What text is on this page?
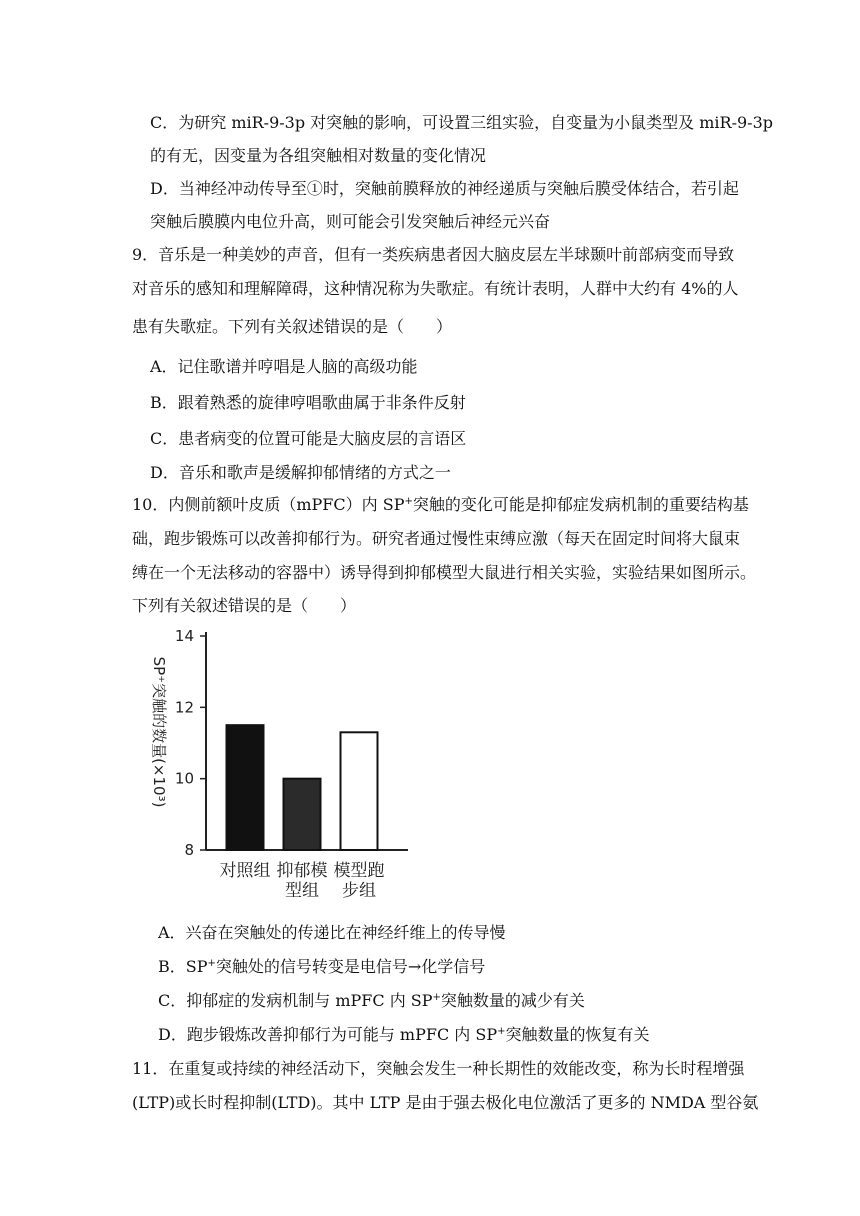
C．为研究 miR-9-3p 对突触的影响，可设置三组实验，自变量为小鼠类型及 miR-9-3p
的有无，因变量为各组突触相对数量的变化情况
D．当神经冲动传导至①时，突触前膜释放的神经递质与突触后膜受体结合，若引起
突触后膜膜内电位升高，则可能会引发突触后神经元兴奋
9．音乐是一种美妙的声音，但有一类疾病患者因大脑皮层左半球颞叶前部病变而导致
对音乐的感知和理解障碍，这种情况称为失歌症。有统计表明，人群中大约有 4%的人
患有失歌症。下列有关叙述错误的是（　　）
A．记住歌谱并哼唱是人脑的高级功能
B．跟着熟悉的旋律哼唱歌曲属于非条件反射
C．患者病变的位置可能是大脑皮层的言语区
D．音乐和歌声是缓解抑郁情绪的方式之一
10．内侧前额叶皮质（mPFC）内 SP+突触的变化可能是抑郁症发病机制的重要结构基
础，跑步锻炼可以改善抑郁行为。研究者通过慢性束缚应激（每天在固定时间将大鼠束
缚在一个无法移动的容器中）诱导得到抑郁模型大鼠进行相关实验，实验结果如图所示。
下列有关叙述错误的是（　　）
SP⁺突触的数量(×10³)
14
12
10
8
对照组 抑郁模
型组
模型跑
步组
A．兴奋在突触处的传递比在神经纤维上的传导慢
B．SP+突触处的信号转变是电信号→化学信号
C．抑郁症的发病机制与 mPFC 内 SP+突触数量的减少有关
D．跑步锻炼改善抑郁行为可能与 mPFC 内 SP+突触数量的恢复有关
11．在重复或持续的神经活动下，突触会发生一种长期性的效能改变，称为长时程增强
(LTP)或长时程抑制(LTD)。其中 LTP 是由于强去极化电位激活了更多的 NMDA 型谷氨
